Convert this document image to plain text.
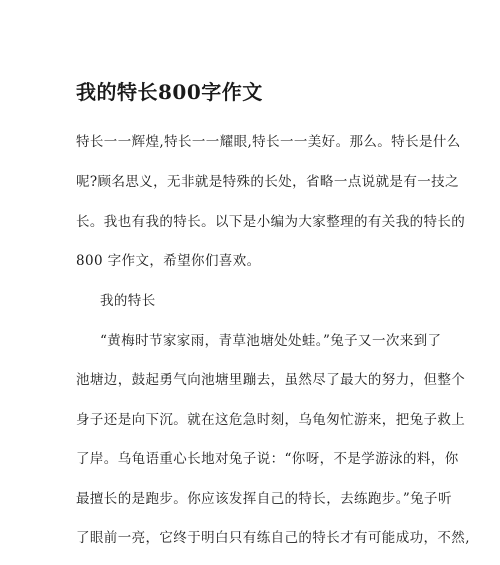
我的特长800字作文
特长一一辉煌,特长一一耀眼,特长一一美好。那么。特长是什么
呢?顾名思义，无非就是特殊的长处，省略一点说就是有一技之
长。我也有我的特长。以下是小编为大家整理的有关我的特长的
800 字作文，希望你们喜欢。
我的特长
“黄梅时节家家雨，青草池塘处处蛙。”兔子又一次来到了
池塘边，鼓起勇气向池塘里蹦去，虽然尽了最大的努力，但整个
身子还是向下沉。就在这危急时刻，乌龟匆忙游来，把兔子救上
了岸。乌龟语重心长地对兔子说：“你呀，不是学游泳的料，你
最擅长的是跑步。你应该发挥自己的特长，去练跑步。”兔子听
了眼前一亮，它终于明白只有练自己的特长才有可能成功，不然,
